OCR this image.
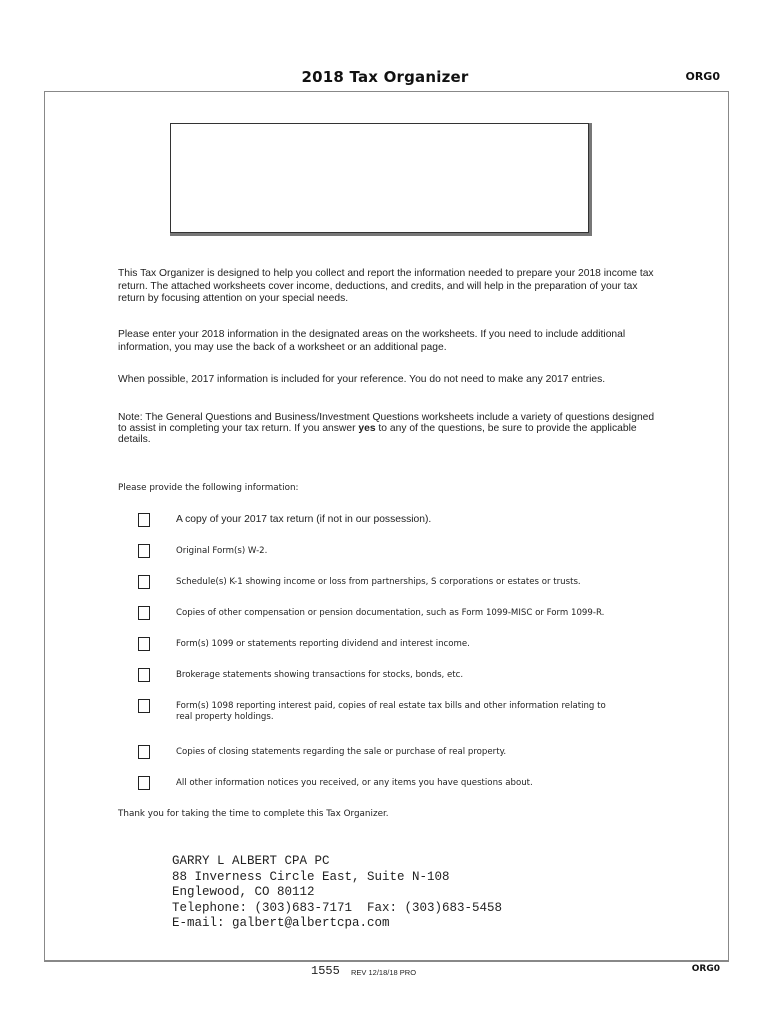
2018 Tax Organizer	ORG0
This Tax Organizer is designed to help you collect and report the information needed to prepare your 2018 income tax return. The attached worksheets cover income, deductions, and credits, and will help in the preparation of your tax return by focusing attention on your special needs.
Please enter your 2018 information in the designated areas on the worksheets. If you need to include additional information, you may use the back of a worksheet or an additional page.
When possible, 2017 information is included for your reference. You do not need to make any 2017 entries.
Note: The General Questions and Business/Investment Questions worksheets include a variety of questions designed to assist in completing your tax return. If you answer yes to any of the questions, be sure to provide the applicable details.
Please provide the following information:
A copy of your 2017 tax return (if not in our possession).
Original Form(s) W-2.
Schedule(s) K-1 showing income or loss from partnerships, S corporations or estates or trusts.
Copies of other compensation or pension documentation, such as Form 1099-MISC or Form 1099-R.
Form(s) 1099 or statements reporting dividend and interest income.
Brokerage statements showing transactions for stocks, bonds, etc.
Form(s) 1098 reporting interest paid, copies of real estate tax bills and other information relating to real property holdings.
Copies of closing statements regarding the sale or purchase of real property.
All other information notices you received, or any items you have questions about.
Thank you for taking the time to complete this Tax Organizer.
GARRY L ALBERT CPA PC
88 Inverness Circle East, Suite N-108
Englewood, CO 80112
Telephone: (303)683-7171  Fax: (303)683-5458
E-mail: galbert@albertcpa.com
1555 REV 12/18/18 PRO	ORG0
